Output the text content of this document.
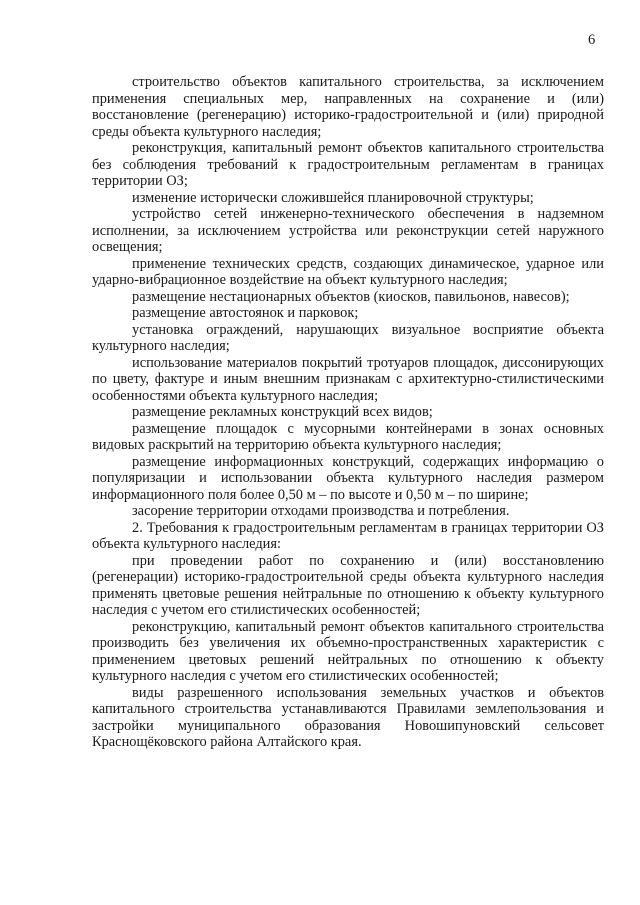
6

строительство объектов капитального строительства, за исключением применения специальных мер, направленных на сохранение и (или) восстановление (регенерацию) историко-градостроительной и (или) природной среды объекта культурного наследия;

реконструкция, капитальный ремонт объектов капитального строительства без соблюдения требований к градостроительным регламентам в границах территории ОЗ;

изменение исторически сложившейся планировочной структуры;

устройство сетей инженерно-технического обеспечения в надземном исполнении, за исключением устройства или реконструкции сетей наружного освещения;

применение технических средств, создающих динамическое, ударное или ударно-вибрационное воздействие на объект культурного наследия;

размещение нестационарных объектов (киосков, павильонов, навесов);

размещение автостоянок и парковок;

установка ограждений, нарушающих визуальное восприятие объекта культурного наследия;

использование материалов покрытий тротуаров площадок, диссонирующих по цвету, фактуре и иным внешним признакам с архитектурно-стилистическими особенностями объекта культурного наследия;

размещение рекламных конструкций всех видов;

размещение площадок с мусорными контейнерами в зонах основных видовых раскрытий на территорию объекта культурного наследия;

размещение информационных конструкций, содержащих информацию о популяризации и использовании объекта культурного наследия размером информационного поля более 0,50 м – по высоте и 0,50 м – по ширине;

засорение территории отходами производства и потребления.

2. Требования к градостроительным регламентам в границах территории ОЗ объекта культурного наследия:

при проведении работ по сохранению и (или) восстановлению (регенерации) историко-градостроительной среды объекта культурного наследия применять цветовые решения нейтральные по отношению к объекту культурного наследия с учетом его стилистических особенностей;

реконструкцию, капитальный ремонт объектов капитального строительства производить без увеличения их объемно-пространственных характеристик с применением цветовых решений нейтральных по отношению к объекту культурного наследия с учетом его стилистических особенностей;

виды разрешенного использования земельных участков и объектов капитального строительства устанавливаются Правилами землепользования и застройки муниципального образования Новошипуновский сельсовет Краснощёковского района Алтайского края.
